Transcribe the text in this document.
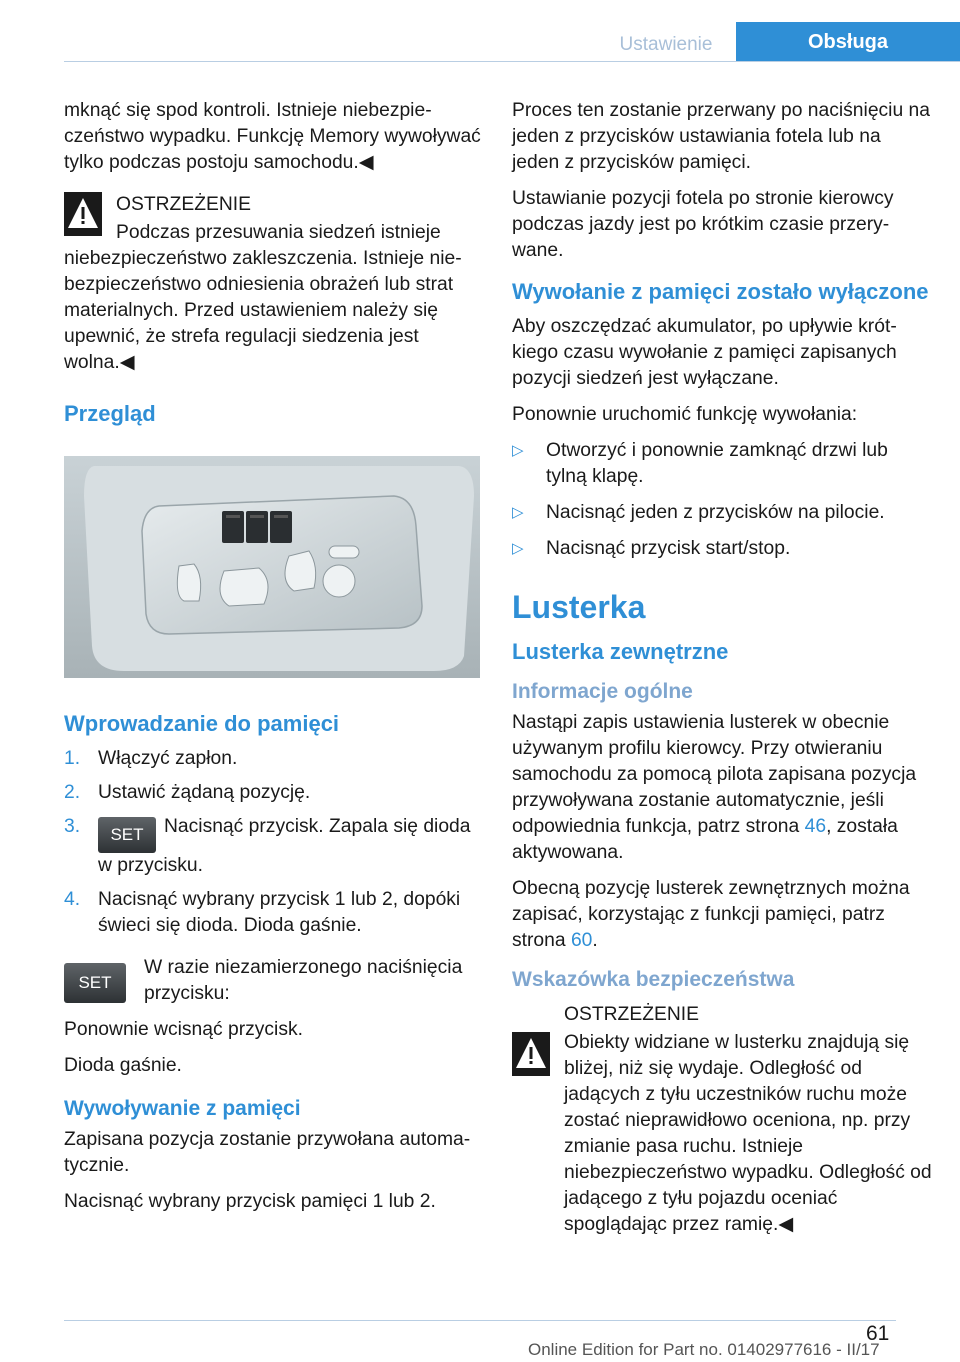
Ustawienie	Obsługa

mknąć się spod kontroli. Istnieje niebezpieczeństwo wypadku. Funkcję Memory wywoływać tylko podczas postoju samochodu.◀

OSTRZEŻENIE

Podczas przesuwania siedzeń istnieje niebezpieczeństwo zakleszczenia. Istnieje niebezpieczeństwo odniesienia obrażeń lub strat materialnych. Przed ustawieniem należy się upewnić, że strefa regulacji siedzenia jest wolna.◀

Przegląd
Wprowadzanie do pamięci
1. Włączyć zapłon.
2. Ustawić żądaną pozycję.
3. SET Nacisnąć przycisk. Zapala się dioda w przycisku.
4. Nacisnąć wybrany przycisk 1 lub 2, dopóki świeci się dioda. Dioda gaśnie.
SET

W razie niezamierzonego naciśnięcia przycisku:

Ponownie wcisnąć przycisk.

Dioda gaśnie.

Wywoływanie z pamięci

Zapisana pozycja zostanie przywołana automatycznie.

Nacisnąć wybrany przycisk pamięci 1 lub 2.

Proces ten zostanie przerwany po naciśnięciu na jeden z przycisków ustawiania fotela lub na jeden z przycisków pamięci.

Ustawianie pozycji fotela po stronie kierowcy podczas jazdy jest po krótkim czasie przerywane.

Wywołanie z pamięci zostało wyłączone

Aby oszczędzać akumulator, po upływie krótkiego czasu wywołanie z pamięci zapisanych pozycji siedzeń jest wyłączane.

Ponownie uruchomić funkcję wywołania:

▷ Otworzyć i ponownie zamknąć drzwi lub tylną klapę.
▷ Nacisnąć jeden z przycisków na pilocie.
▷ Nacisnąć przycisk start/stop.
Lusterka
Lusterka zewnętrzne
Informacje ogólne

Nastąpi zapis ustawienia lusterek w obecnie używanym profilu kierowcy. Przy otwieraniu samochodu za pomocą pilota zapisana pozycja przywoływana zostanie automatycznie, jeśli odpowiednia funkcja, patrz strona 46, została aktywowana.

Obecną pozycję lusterek zewnętrznych można zapisać, korzystając z funkcji pamięci, patrz strona 60.

Wskazówka bezpieczeństwa

OSTRZEŻENIE

Obiekty widziane w lusterku znajdują się bliżej, niż się wydaje. Odległość od jadących z tyłu uczestników ruchu może zostać nieprawidłowo oceniona, np. przy zmianie pasa ruchu. Istnieje niebezpieczeństwo wypadku. Odległość od jadącego z tyłu pojazdu oceniać spoglądając przez ramię.◀

61
Online Edition for Part no. 01402977616 - II/17
